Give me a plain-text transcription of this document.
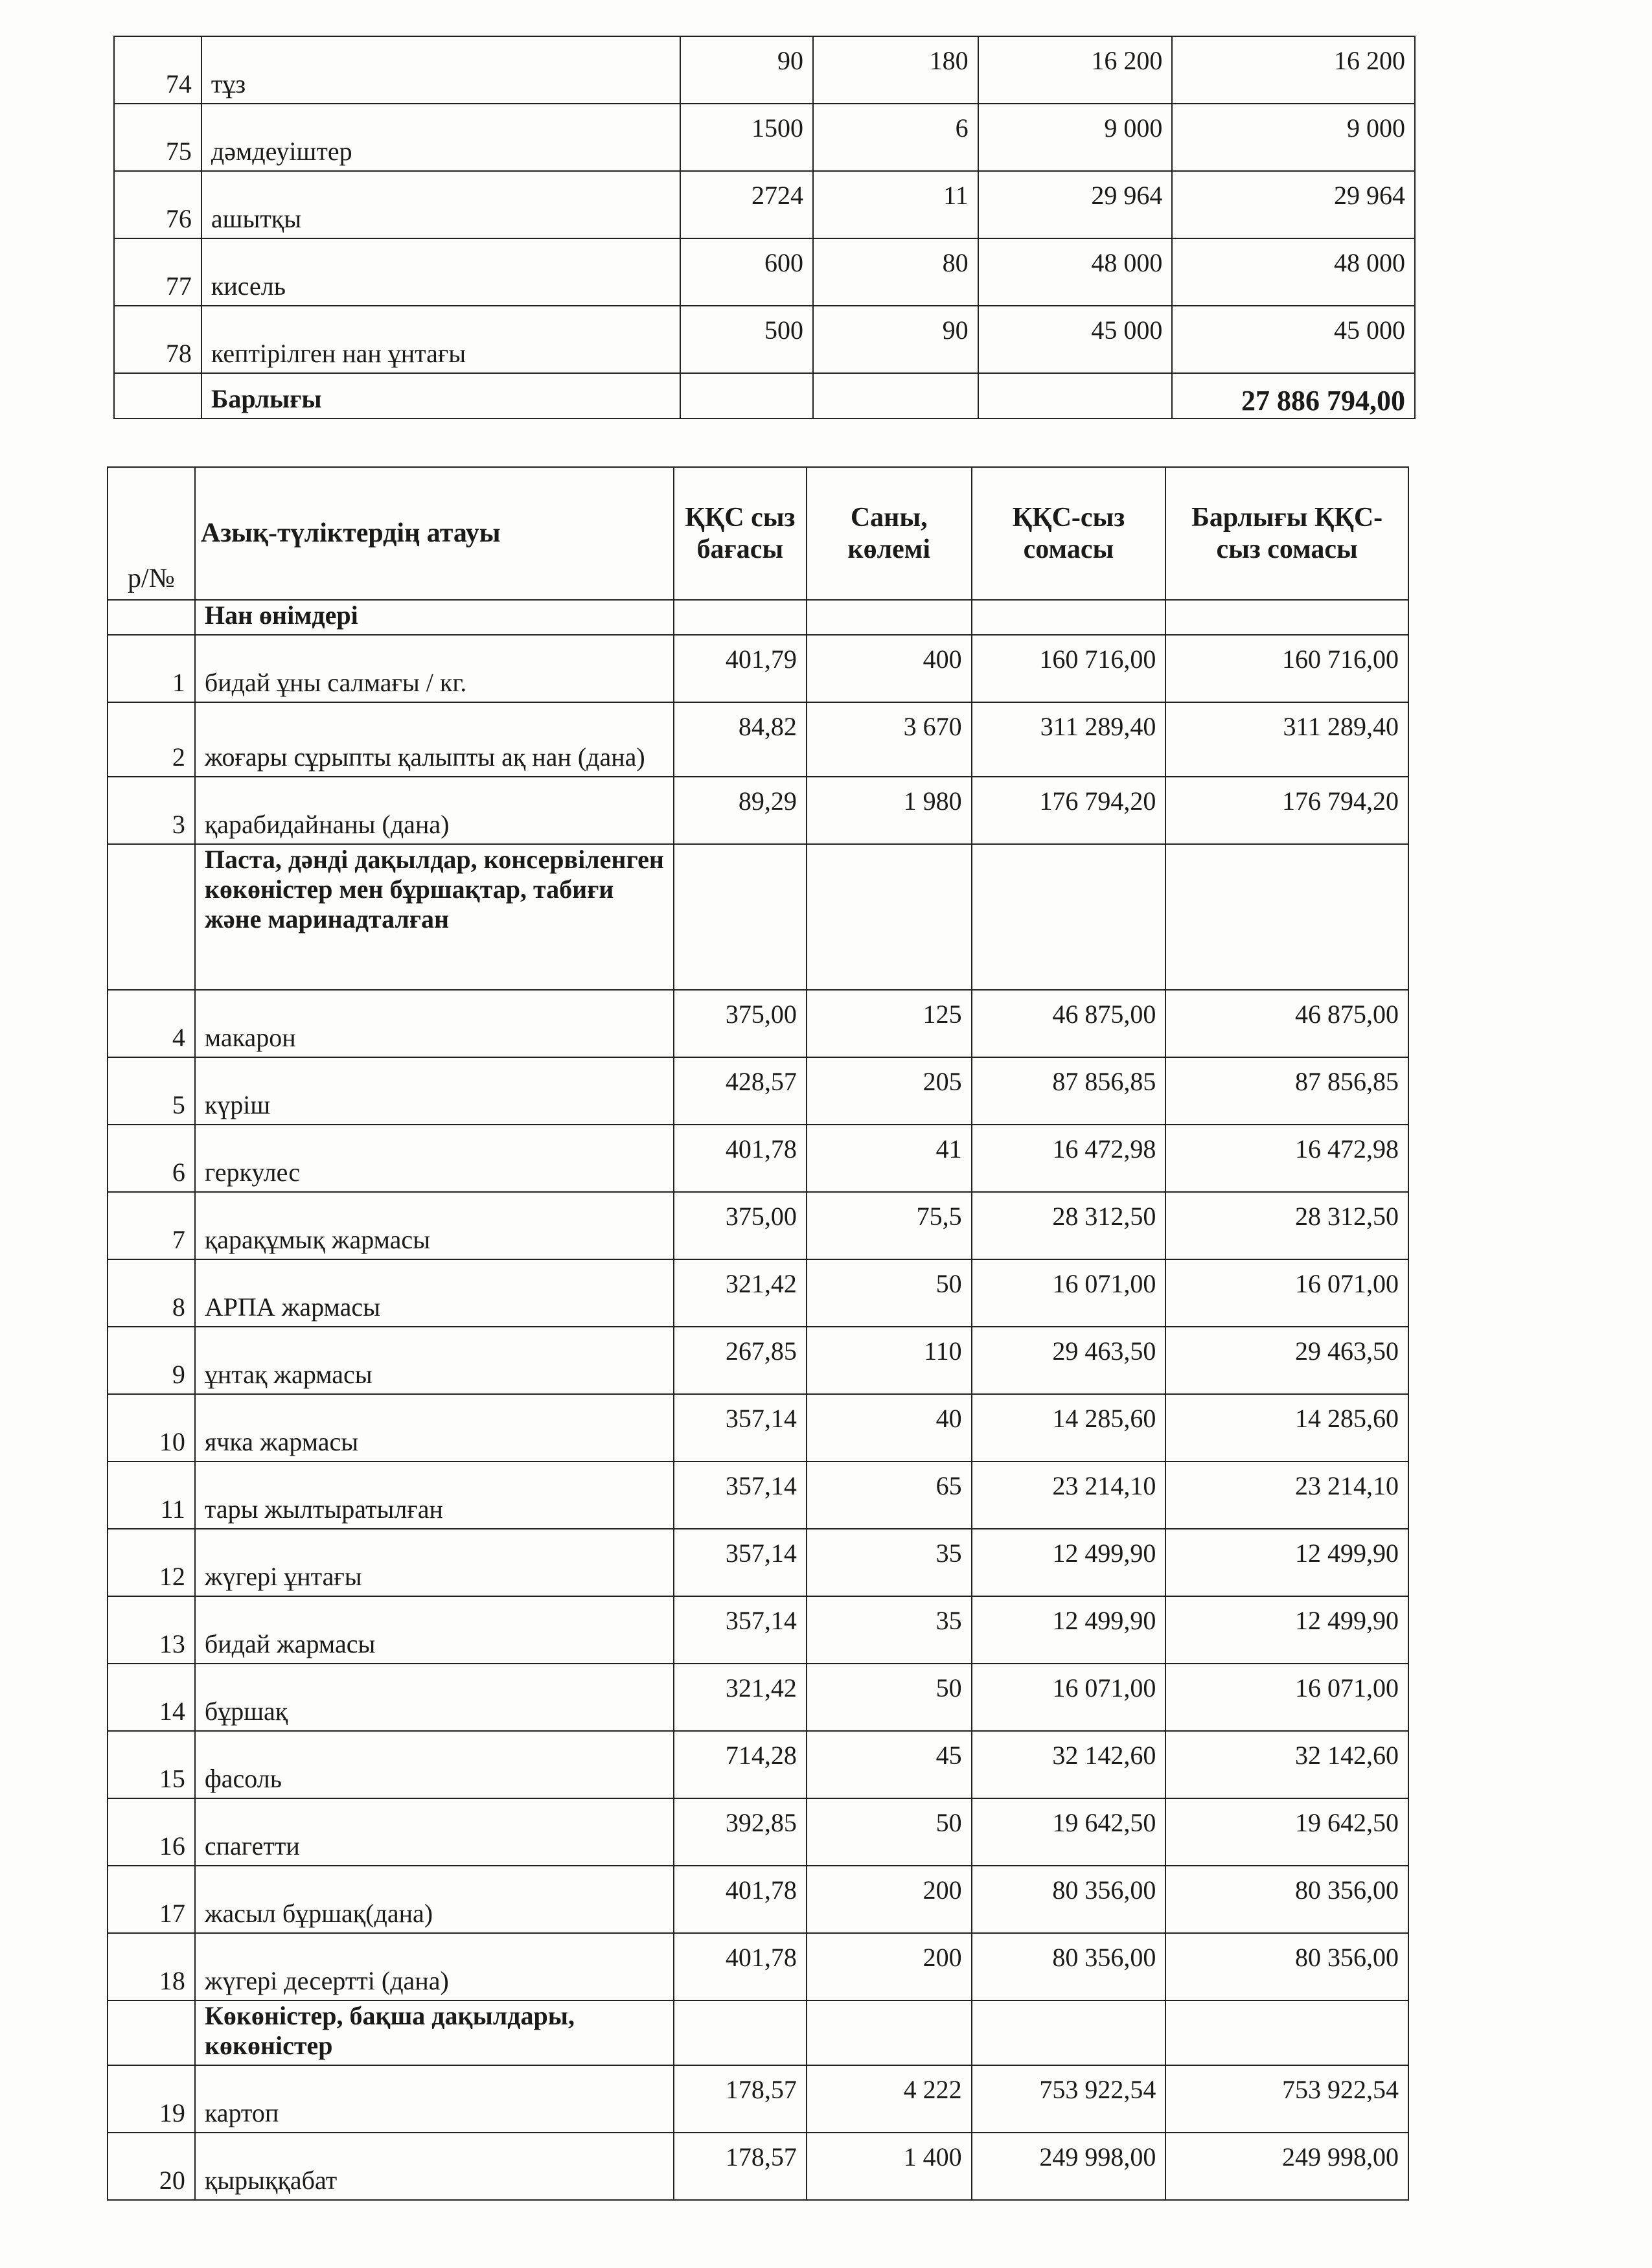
74	тұз	90	180	16 200	16 200
75	дәмдеуіштер	1500	6	9 000	9 000
76	ашытқы	2724	11	29 964	29 964
77	кисель	600	80	48 000	48 000
78	кептірілген нан ұнтағы	500	90	45 000	45 000
	Барлығы				27 886 794,00
р/№	Азық-түліктердің атауы	ҚҚС сыз бағасы	Саны, көлемі	ҚҚС-сыз сомасы	Барлығы ҚҚС-сыз сомасы
	Нан өнімдері				
1	бидай ұны салмағы / кг.	401,79	400	160 716,00	160 716,00
2	жоғары сұрыпты қалыпты ақ нан (дана)	84,82	3 670	311 289,40	311 289,40
3	қарабидайнаны (дана)	89,29	1 980	176 794,20	176 794,20
	Паста, дәнді дақылдар, консервіленген көкөністер мен бұршақтар, табиғи және маринадталған				
4	макарон	375,00	125	46 875,00	46 875,00
5	күріш	428,57	205	87 856,85	87 856,85
6	геркулес	401,78	41	16 472,98	16 472,98
7	қарақұмық жармасы	375,00	75,5	28 312,50	28 312,50
8	АРПА жармасы	321,42	50	16 071,00	16 071,00
9	ұнтақ жармасы	267,85	110	29 463,50	29 463,50
10	ячка жармасы	357,14	40	14 285,60	14 285,60
11	тары жылтыратылған	357,14	65	23 214,10	23 214,10
12	жүгері ұнтағы	357,14	35	12 499,90	12 499,90
13	бидай жармасы	357,14	35	12 499,90	12 499,90
14	бұршақ	321,42	50	16 071,00	16 071,00
15	фасоль	714,28	45	32 142,60	32 142,60
16	спагетти	392,85	50	19 642,50	19 642,50
17	жасыл бұршақ(дана)	401,78	200	80 356,00	80 356,00
18	жүгері десертті (дана)	401,78	200	80 356,00	80 356,00
	Көкөністер, бақша дақылдары, көкөністер				
19	картоп	178,57	4 222	753 922,54	753 922,54
20	қырыққабат	178,57	1 400	249 998,00	249 998,00
